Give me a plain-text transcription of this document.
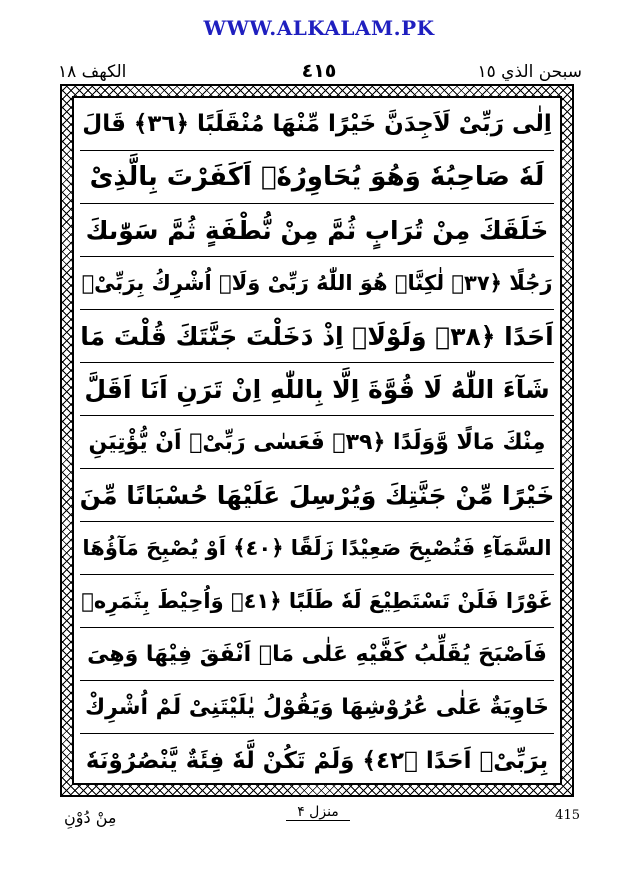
WWW.ALKALAM.PK
الكهف ١٨	٤١٥	سبحن الذي ١٥
اِلٰى رَبِّىْ لَاَجِدَنَّ خَيْرًا مِّنْهَا مُنْقَلَبًا ﴿٣٦﴾ قَالَ
لَهٗ صَاحِبُهٗ وَهُوَ يُحَاوِرُهٗۤ اَكَفَرْتَ بِالَّذِىْ
خَلَقَكَ مِنْ تُرَابٍ ثُمَّ مِنْ نُّطْفَةٍ ثُمَّ سَوّٰىكَ
رَجُلًا ﴿٣٧﴾ لٰكِنَّا۠ هُوَ اللّٰهُ رَبِّىْ وَلَاۤ اُشْرِكُ بِرَبِّىْۤ
اَحَدًا ﴿٣٨﴾ وَلَوْلَاۤ اِذْ دَخَلْتَ جَنَّتَكَ قُلْتَ مَا
شَآءَ اللّٰهُ لَا قُوَّةَ اِلَّا بِاللّٰهِ اِنْ تَرَنِ اَنَا اَقَلَّ
مِنْكَ مَالًا وَّوَلَدًا ﴿٣٩﴾ فَعَسٰى رَبِّىْۤ اَنْ يُّؤْتِيَنِ
خَيْرًا مِّنْ جَنَّتِكَ وَيُرْسِلَ عَلَيْهَا حُسْبَانًا مِّنَ
السَّمَآءِ فَتُصْبِحَ صَعِيْدًا زَلَقًا ﴿٤٠﴾ اَوْ يُصْبِحَ مَآؤُهَا
غَوْرًا فَلَنْ تَسْتَطِيْعَ لَهٗ طَلَبًا ﴿٤١﴾ وَاُحِيْطَ بِثَمَرِهٖ
فَاَصْبَحَ يُقَلِّبُ كَفَّيْهِ عَلٰى مَاۤ اَنْفَقَ فِيْهَا وَهِىَ
خَاوِيَةٌ عَلٰى عُرُوْشِهَا وَيَقُوْلُ يٰلَيْتَنِىْ لَمْ اُشْرِكْ
بِرَبِّىْۤ اَحَدًا ﴿٤٢﴾ وَلَمْ تَكُنْ لَّهٗ فِئَةٌ يَّنْصُرُوْنَهٗ
مِنْ دُوْنِ	منزل ۴	415
